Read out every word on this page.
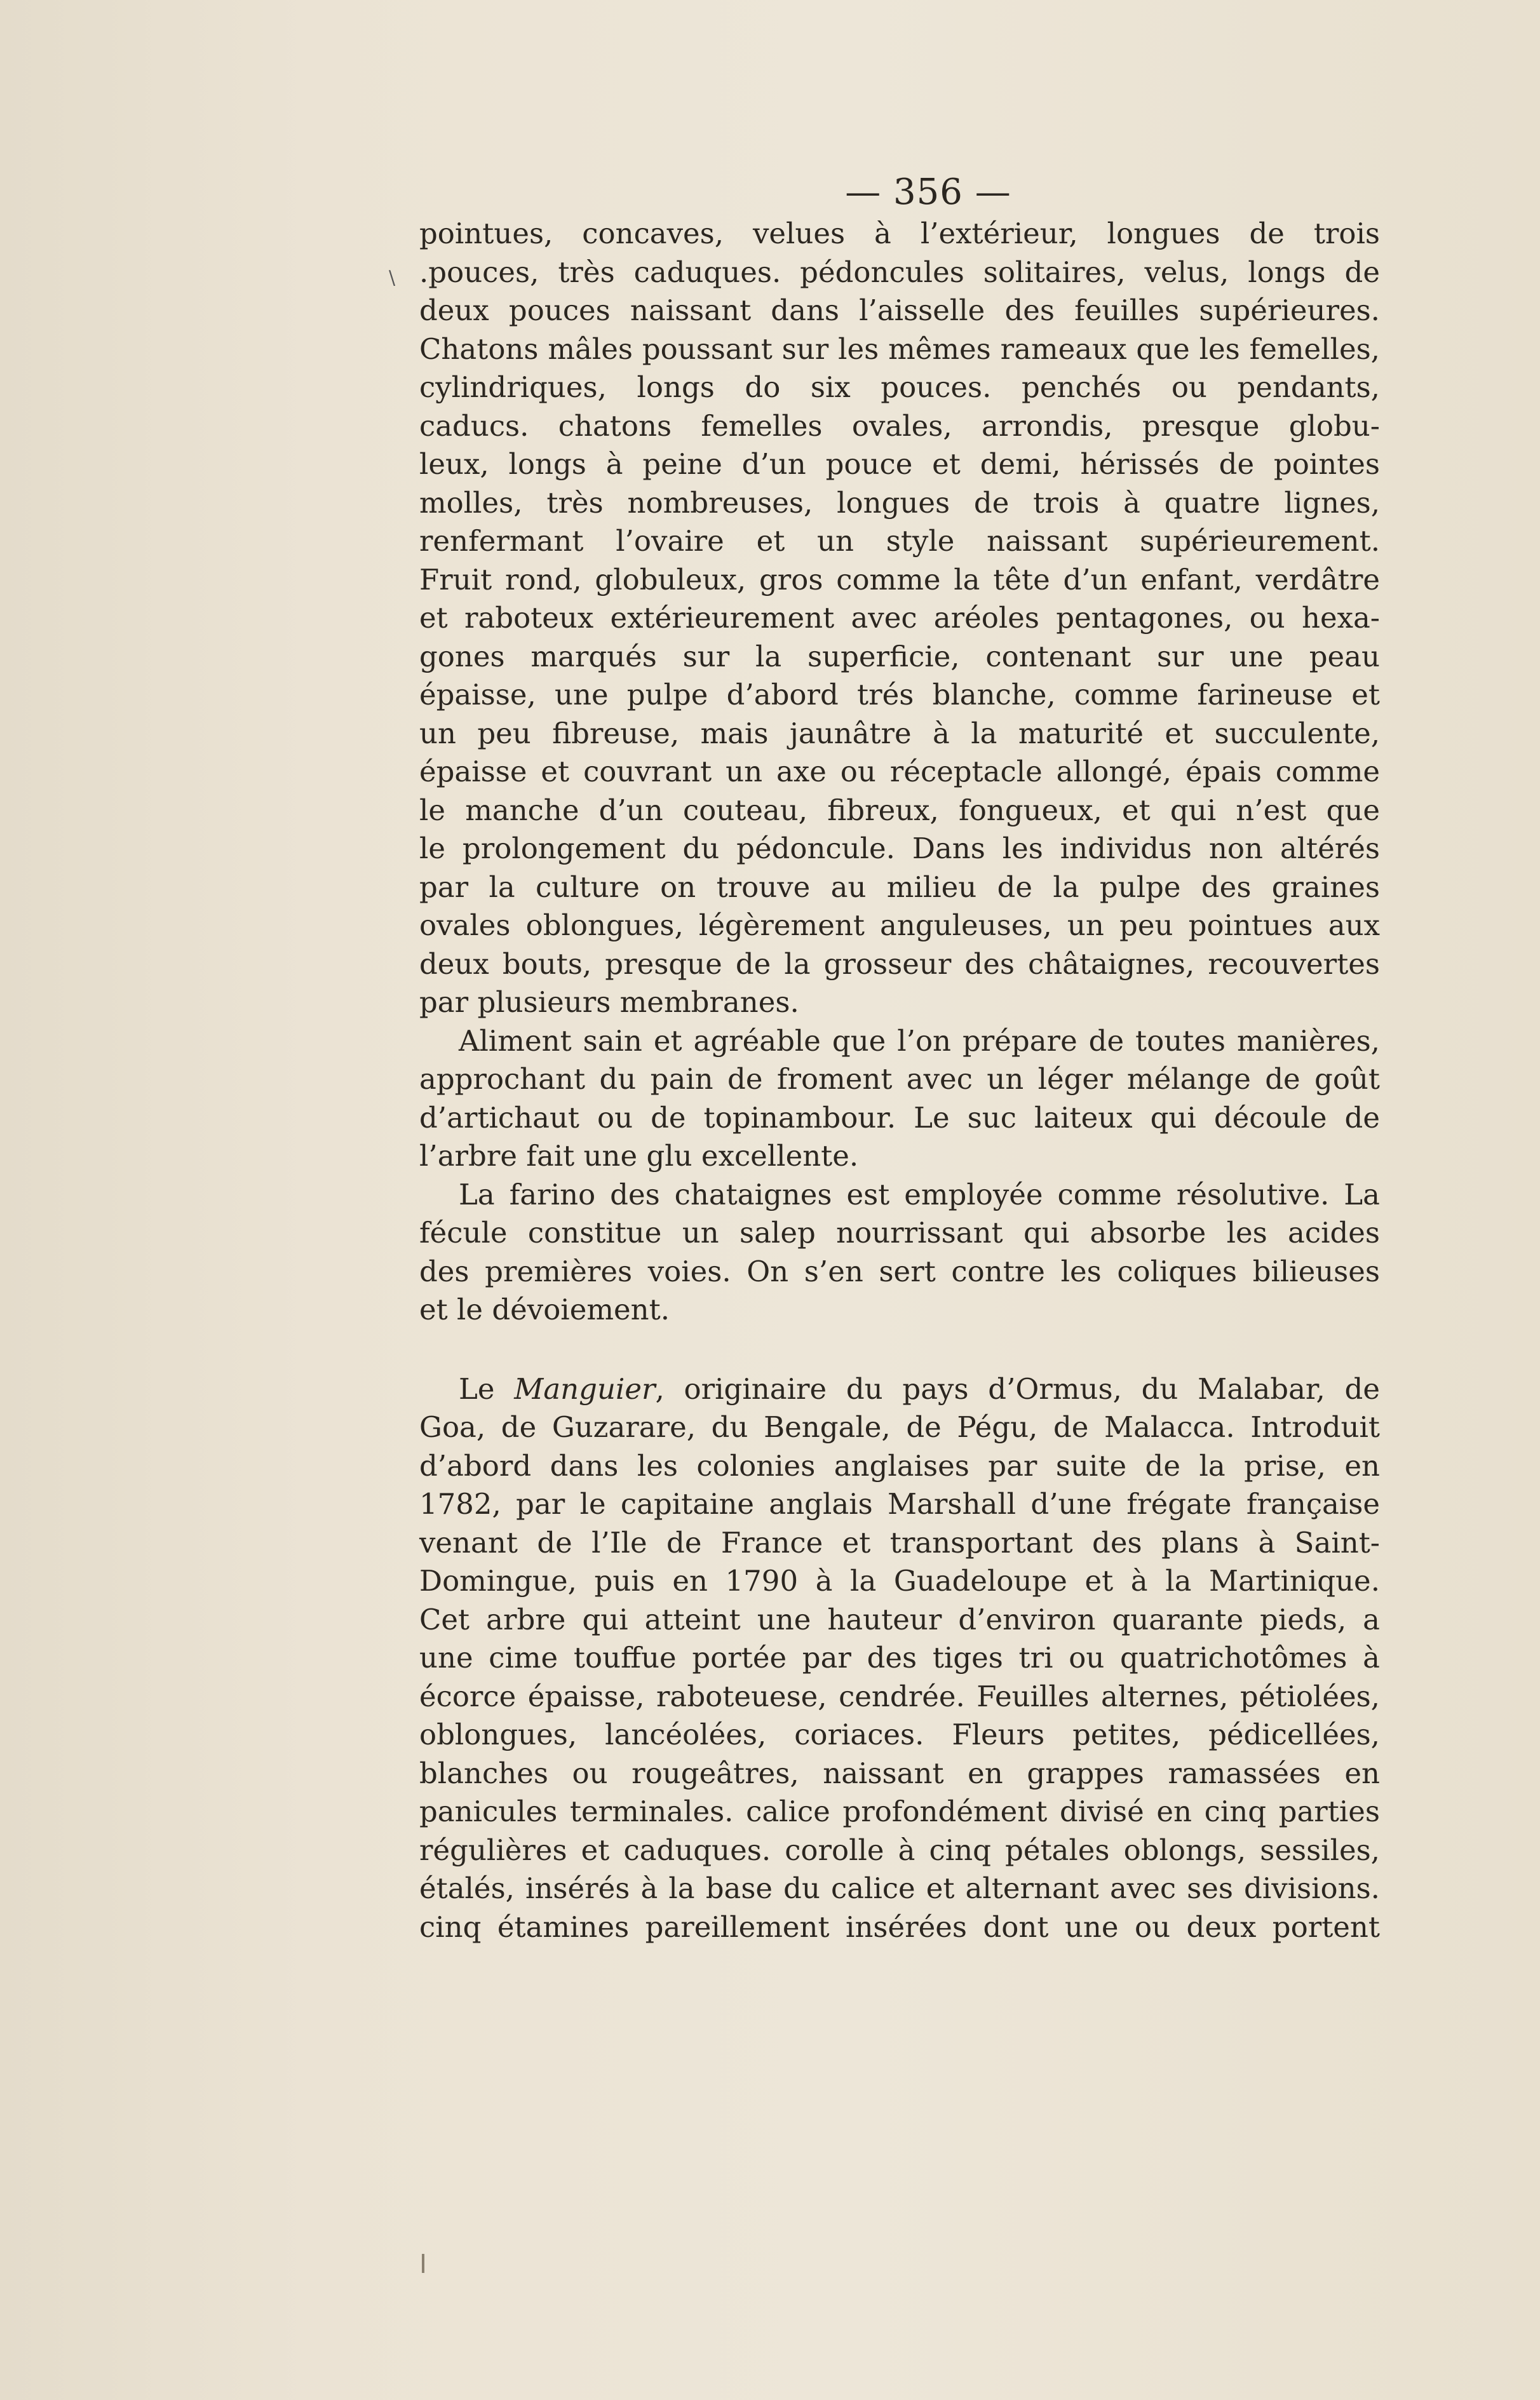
\
— 356 —
pointues, concaves, velues à l’extérieur, longues de trois
.pouces, très caduques. pédoncules solitaires, velus, longs de
deux pouces naissant dans l’aisselle des feuilles supérieures.
Chatons mâles poussant sur les mêmes rameaux que les femelles,
cylindriques, longs do six pouces. penchés ou pendants,
caducs. chatons femelles ovales, arrondis, presque globu-
leux, longs à peine d’un pouce et demi, hérissés de pointes
molles, très nombreuses, longues de trois à quatre lignes,
renfermant l’ovaire et un style naissant supérieurement.
Fruit rond, globuleux, gros comme la tête d’un enfant, verdâtre
et raboteux extérieurement avec aréoles pentagones, ou hexa-
gones marqués sur la superficie, contenant sur une peau
épaisse, une pulpe d’abord trés blanche, comme farineuse et
un peu fibreuse, mais jaunâtre à la maturité et succulente,
épaisse et couvrant un axe ou réceptacle allongé, épais comme
le manche d’un couteau, fibreux, fongueux, et qui n’est que
le prolongement du pédoncule. Dans les individus non altérés
par la culture on trouve au milieu de la pulpe des graines
ovales oblongues, légèrement anguleuses, un peu pointues aux
deux bouts, presque de la grosseur des châtaignes, recouvertes
par plusieurs membranes.
Aliment sain et agréable que l’on prépare de toutes manières,
approchant du pain de froment avec un léger mélange de goût
d’artichaut ou de topinambour. Le suc laiteux qui découle de
l’arbre fait une glu excellente.
La farino des chataignes est employée comme résolutive. La
fécule constitue un salep nourrissant qui absorbe les acides
des premières voies. On s’en sert contre les coliques bilieuses
et le dévoiement.
Le Manguier, originaire du pays d’Ormus, du Malabar, de
Goa, de Guzarare, du Bengale, de Pégu, de Malacca. Introduit
d’abord dans les colonies anglaises par suite de la prise, en
1782, par le capitaine anglais Marshall d’une frégate française
venant de l’Ile de France et transportant des plans à Saint-
Domingue, puis en 1790 à la Guadeloupe et à la Martinique.
Cet arbre qui atteint une hauteur d’environ quarante pieds, a
une cime touffue portée par des tiges tri ou quatrichotômes à
écorce épaisse, raboteuese, cendrée. Feuilles alternes, pétiolées,
oblongues, lancéolées, coriaces. Fleurs petites, pédicellées,
blanches ou rougeâtres, naissant en grappes ramassées en
panicules terminales. calice profondément divisé en cinq parties
régulières et caduques. corolle à cinq pétales oblongs, sessiles,
étalés, insérés à la base du calice et alternant avec ses divisions.
cinq étamines pareillement insérées dont une ou deux portent
